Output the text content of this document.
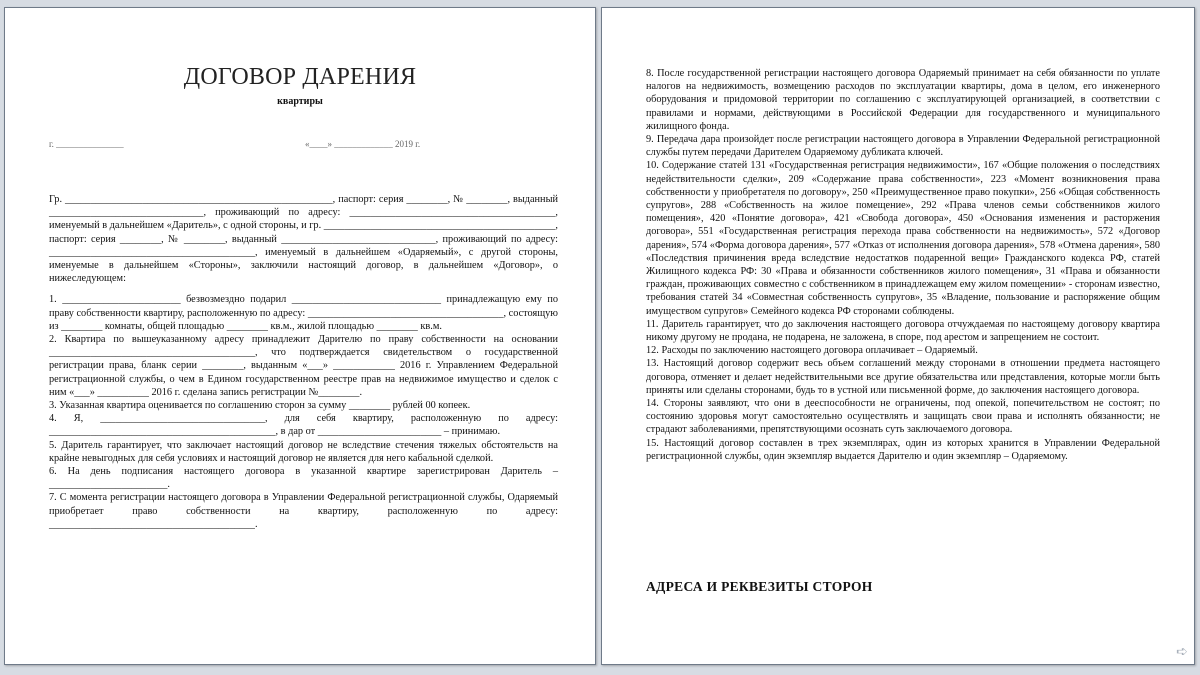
ДОГОВОР ДАРЕНИЯ
квартиры
г. _______________	«____» _____________ 2019 г.

Гр. ____________________________________________________, паспорт: серия ________, № ________, выданный ______________________________, проживающий по адресу: ________________________________________, именуемый в дальнейшем «Даритель», с одной стороны, и гр. _____________________________________________, паспорт: серия ________, № ________, выданный ______________________________, проживающий по адресу: ________________________________________, именуемый в дальнейшем «Одаряемый», с другой стороны, именуемые в дальнейшем «Стороны», заключили настоящий договор, в дальнейшем «Договор», о нижеследующем:

1. _______________________ безвозмездно подарил _____________________________ принадлежащую ему по праву собственности квартиру, расположенную по адресу: ______________________________________, состоящую из ________ комнаты, общей площадью ________ кв.м., жилой площадью ________ кв.м.

2. Квартира по вышеуказанному адресу принадлежит Дарителю по праву собственности на основании ________________________________________, что подтверждается свидетельством о государственной регистрации права, бланк серии ________, выданным «___» ____________ 2016 г. Управлением Федеральной регистрационной службы, о чем в Едином государственном реестре прав на недвижимое имущество и сделок с ним «___» __________ 2016 г. сделана запись регистрации №________.

3. Указанная квартира оценивается по соглашению сторон за сумму ________ рублей 00 копеек.

4. Я, ________________________________, для себя квартиру, расположенную по адресу: ____________________________________________, в дар от ________________________ – принимаю.

5. Даритель гарантирует, что заключает настоящий договор не вследствие стечения тяжелых обстоятельств на крайне невыгодных для себя условиях и настоящий договор не является для него кабальной сделкой.

6. На день подписания настоящего договора в указанной квартире зарегистрирован Даритель – _______________________.

7. С момента регистрации настоящего договора в Управлении Федеральной регистрационной службы, Одаряемый приобретает право собственности на квартиру, расположенную по адресу: ________________________________________.

8. После государственной регистрации настоящего договора Одаряемый принимает на себя обязанности по уплате налогов на недвижимость, возмещению расходов по эксплуатации квартиры, дома в целом, его инженерного оборудования и придомовой территории по соглашению с эксплуатирующей организацией, в соответствии с правилами и нормами, действующими в Российской Федерации для государственного и муниципального жилищного фонда.

9. Передача дара произойдет после регистрации настоящего договора в Управлении Федеральной регистрационной службы путем передачи Дарителем Одаряемому дубликата ключей.

10. Содержание статей 131 «Государственная регистрация недвижимости», 167 «Общие положения о последствиях недействительности сделки», 209 «Содержание права собственности», 223 «Момент возникновения права собственности у приобретателя по договору», 250 «Преимущественное право покупки», 256 «Общая собственность супругов», 288 «Собственность на жилое помещение», 292 «Права членов семьи собственников жилого помещения», 420 «Понятие договора», 421 «Свобода договора», 450 «Основания изменения и расторжения договора», 551 «Государственная регистрация перехода права собственности на недвижимость», 572 «Договор дарения», 574 «Форма договора дарения», 577 «Отказ от исполнения договора дарения», 578 «Отмена дарения», 580 «Последствия причинения вреда вследствие недостатков подаренной вещи» Гражданского кодекса РФ, статей Жилищного кодекса РФ: 30 «Права и обязанности собственников жилого помещения», 31 «Права и обязанности граждан, проживающих совместно с собственником в принадлежащем ему жилом помещении» - сторонам известно, требования статей 34 «Совместная собственность супругов», 35 «Владение, пользование и распоряжение общим имуществом супругов» Семейного кодекса РФ сторонами соблюдены.

11. Даритель гарантирует, что до заключения настоящего договора отчуждаемая по настоящему договору квартира никому другому не продана, не подарена, не заложена, в споре, под арестом и запрещением не состоит.

12. Расходы по заключению настоящего договора оплачивает – Одаряемый.

13. Настоящий договор содержит весь объем соглашений между сторонами в отношении предмета настоящего договора, отменяет и делает недействительными все другие обязательства или представления, которые могли быть приняты или сделаны сторонами, будь то в устной или письменной форме, до заключения настоящего договора.

14. Стороны заявляют, что они в дееспособности не ограничены, под опекой, попечительством не состоят; по состоянию здоровья могут самостоятельно осуществлять и защищать свои права и исполнять обязанности; не страдают заболеваниями, препятствующими осознать суть заключаемого договора.

15. Настоящий договор составлен в трех экземплярах, один из которых хранится в Управлении Федеральной регистрационной службы, один экземпляр выдается Дарителю и один экземпляр – Одаряемому.

АДРЕСА И РЕКВЕЗИТЫ СТОРОН
➪
